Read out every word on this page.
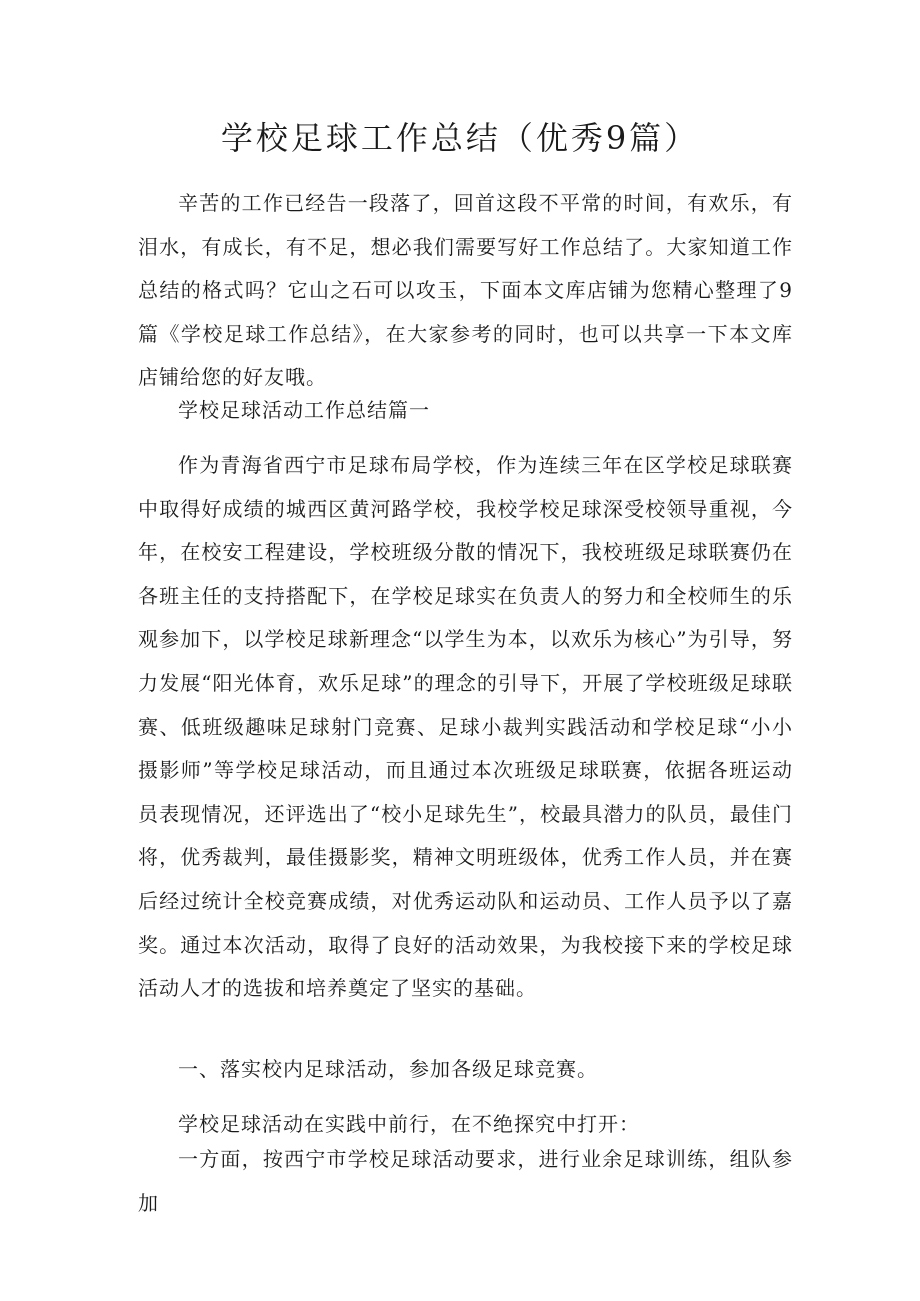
学校足球工作总结（优秀9篇）

辛苦的工作已经告一段落了，回首这段不平常的时间，有欢乐，有泪水，有成长，有不足，想必我们需要写好工作总结了。大家知道工作总结的格式吗？它山之石可以攻玉，下面本文库店铺为您精心整理了9篇《学校足球工作总结》，在大家参考的同时，也可以共享一下本文库店铺给您的好友哦。

学校足球活动工作总结篇一

作为青海省西宁市足球布局学校，作为连续三年在区学校足球联赛中取得好成绩的城西区黄河路学校，我校学校足球深受校领导重视，今年，在校安工程建设，学校班级分散的情况下，我校班级足球联赛仍在各班主任的支持搭配下，在学校足球实在负责人的努力和全校师生的乐观参加下，以学校足球新理念“以学生为本，以欢乐为核心”为引导，努力发展“阳光体育，欢乐足球”的理念的引导下，开展了学校班级足球联赛、低班级趣味足球射门竞赛、足球小裁判实践活动和学校足球“小小摄影师”等学校足球活动，而且通过本次班级足球联赛，依据各班运动员表现情况，还评选出了“校小足球先生”，校最具潜力的队员，最佳门将，优秀裁判，最佳摄影奖，精神文明班级体，优秀工作人员，并在赛后经过统计全校竞赛成绩，对优秀运动队和运动员、工作人员予以了嘉奖。通过本次活动，取得了良好的活动效果，为我校接下来的学校足球活动人才的选拔和培养奠定了坚实的基础。

一、落实校内足球活动，参加各级足球竞赛。

学校足球活动在实践中前行，在不绝探究中打开：

一方面，按西宁市学校足球活动要求，进行业余足球训练，组队参加
